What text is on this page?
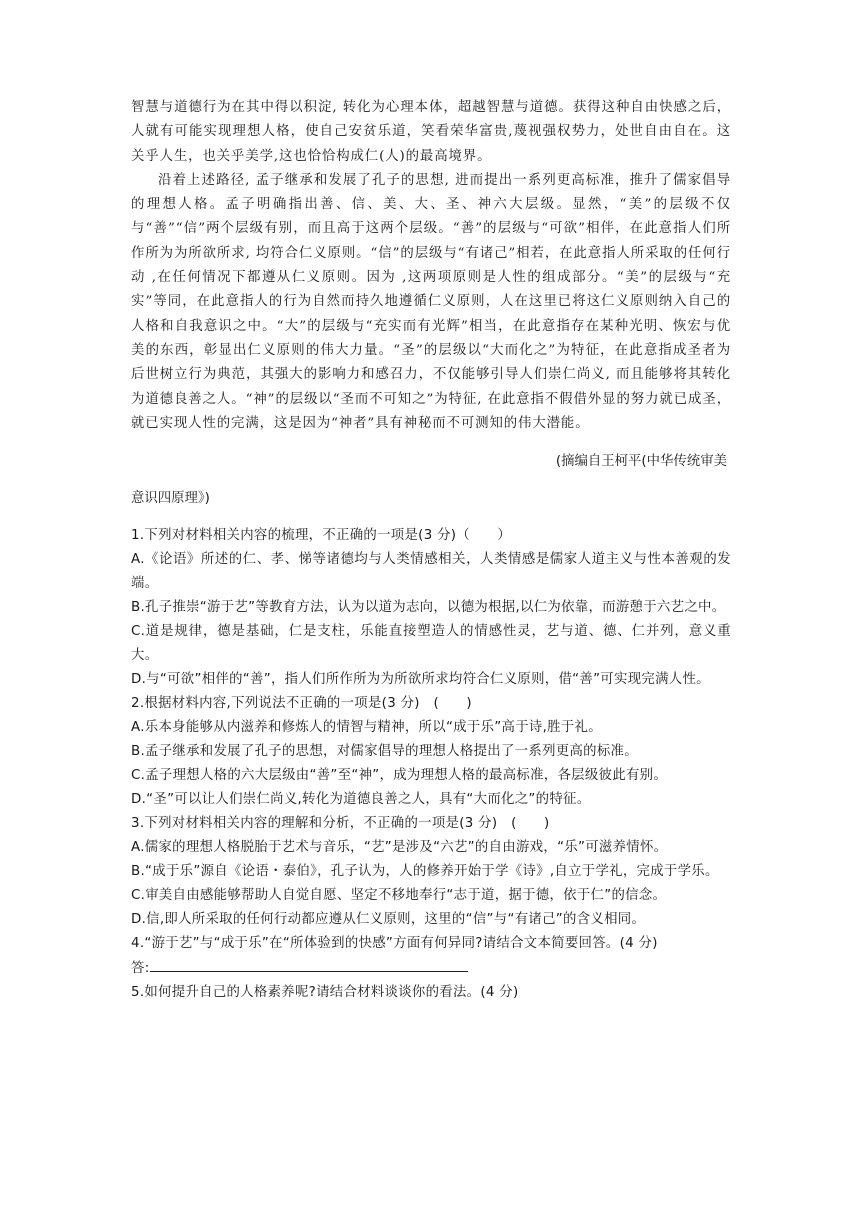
智慧与道德行为在其中得以积淀, 转化为心理本体，超越智慧与道德。获得这种自由快感之后，人就有可能实现理想人格，使自己安贫乐道，笑看荣华富贵,蔑视强权势力，处世自由自在。这关乎人生，也关乎美学,这也恰恰构成仁(人)的最高境界。

沿着上述路径, 孟子继承和发展了孔子的思想, 进而提出一系列更高标准，推升了儒家倡导的理想人格。孟子明确指出善、信、美、大、圣、神六大层级。显然，“美”的层级不仅与“善”“信”两个层级有别，而且高于这两个层级。“善”的层级与“可欲”相伴，在此意指人们所作所为为所欲所求, 均符合仁义原则。“信”的层级与“有诸己”相若，在此意指人所采取的任何行动 ,在任何情况下都遵从仁义原则。因为 ,这两项原则是人性的组成部分。“美”的层级与“充实”等同，在此意指人的行为自然而持久地遵循仁义原则，人在这里已将这仁义原则纳入自己的人格和自我意识之中。“大”的层级与“充实而有光辉”相当，在此意指存在某种光明、恢宏与优美的东西，彰显出仁义原则的伟大力量。“圣”的层级以“大而化之”为特征，在此意指成圣者为后世树立行为典范，其强大的影响力和感召力，不仅能够引导人们崇仁尚义, 而且能够将其转化为道德良善之人。“神”的层级以“圣而不可知之”为特征, 在此意指不假借外显的努力就已成圣，就已实现人性的完满，这是因为“神者”具有神秘而不可测知的伟大潜能。

(摘编自王柯平(中华传统审美

意识四原理》)

1.下列对材料相关内容的梳理，不正确的一项是(3 分)（　　）

A.《论语》所述的仁、孝、悌等诸德均与人类情感相关，人类情感是儒家人道主义与性本善观的发端。

B.孔子推崇“游于艺”等教育方法，认为以道为志向，以德为根据,以仁为依靠，而游憩于六艺之中。

C.道是规律，德是基础，仁是支柱，乐能直接塑造人的情感性灵，艺与道、德、仁并列，意义重大。

D.与“可欲”相伴的“善”，指人们所作所为为所欲所求均符合仁义原则，借“善”可实现完满人性。

2.根据材料内容,下列说法不正确的一项是(3 分)　(　　)

A.乐本身能够从内滋养和修炼人的情智与精神，所以“成于乐”高于诗,胜于礼。

B.孟子继承和发展了孔子的思想，对儒家倡导的理想人格提出了一系列更高的标准。

C.孟子理想人格的六大层级由“善”至“神”，成为理想人格的最高标准，各层级彼此有别。

D.“圣”可以让人们崇仁尚义,转化为道德良善之人，具有“大而化之”的特征。

3.下列对材料相关内容的理解和分析，不正确的一项是(3 分)　(　　)

A.儒家的理想人格脱胎于艺术与音乐，“艺”是涉及“六艺”的自由游戏，“乐”可滋养情怀。

B.“成于乐”源自《论语・泰伯》，孔子认为，人的修养开始于学《诗》,自立于学礼，完成于学乐。

C.审美自由感能够帮助人自觉自愿、坚定不移地奉行“志于道，据于德，依于仁”的信念。

D.信,即人所采取的任何行动都应遵从仁义原则，这里的“信”与“有诸己”的含义相同。

4.“游于艺”与“成于乐”在“所体验到的快感”方面有何异同?请结合文本简要回答。(4 分)

答:

5.如何提升自己的人格素养呢?请结合材料谈谈你的看法。(4 分)
